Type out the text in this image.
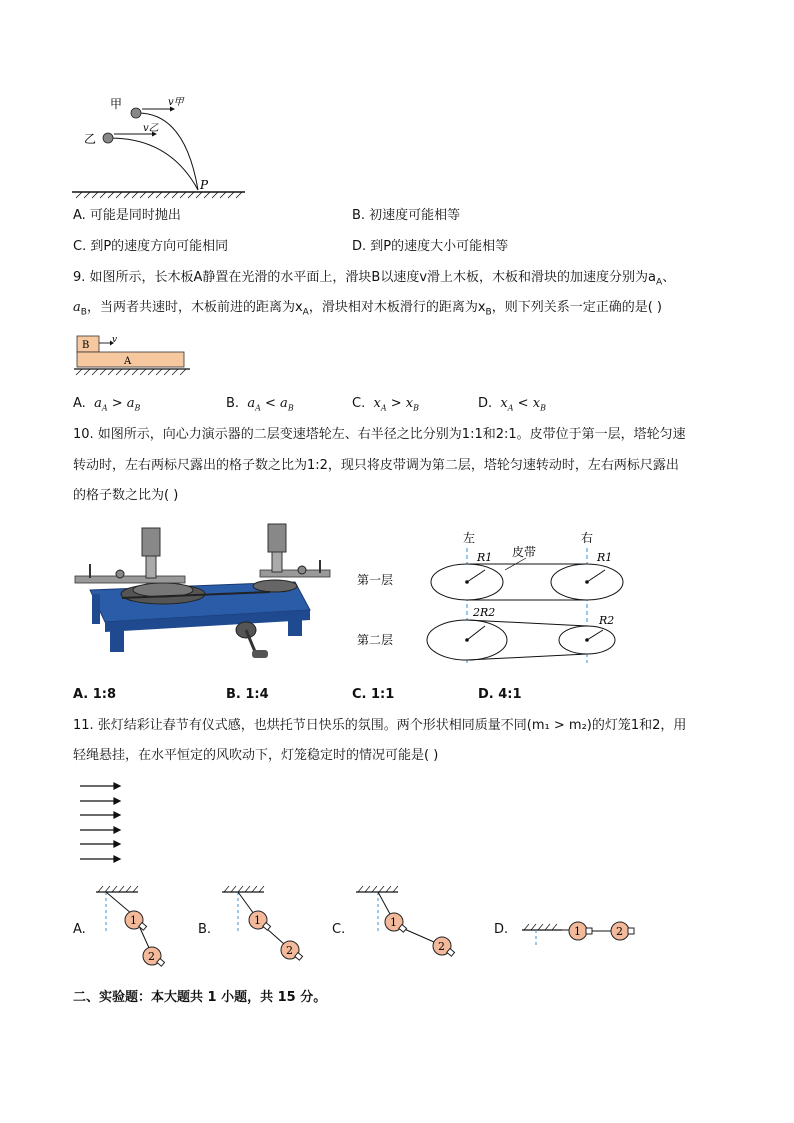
甲
乙
v甲
v乙
P
A. 可能是同时抛出	B. 初速度可能相等
C. 到P的速度方向可能相同	D. 到P的速度大小可能相等
9. 如图所示，长木板A静置在光滑的水平面上，滑块B以速度v滑上木板，木板和滑块的加速度分别为$a_A$、
$a_B$，当两者共速时，木板前进的距离为$x_A$，滑块相对木板滑行的距离为$x_B$，则下列关系一定正确的是( )
B
A
v
A.  $a_A > a_B$	B.  $a_A < a_B$	C.  $x_A > x_B$	D.  $x_A < x_B$
10. 如图所示，向心力演示器的二层变速塔轮左、右半径之比分别为1:1和2:1。皮带位于第一层，塔轮匀速
转动时，左右两标尺露出的格子数之比为1:2，现只将皮带调为第二层，塔轮匀速转动时，左右两标尺露出
的格子数之比为( )
左	右
皮带
第一层
第二层
R1	R1
2R2
R2
A. 1:8	B. 1:4	C. 1:1	D. 4:1
11. 张灯结彩让春节有仪式感，也烘托节日快乐的氛围。两个形状相同质量不同(m₁ > m₂)的灯笼1和2，用
轻绳悬挂，在水平恒定的风吹动下，灯笼稳定时的情况可能是( )
A.	B.	C.	D.
1
2
1
2
1
2
1	2
二、实验题：本大题共 1 小题，共 15 分。
